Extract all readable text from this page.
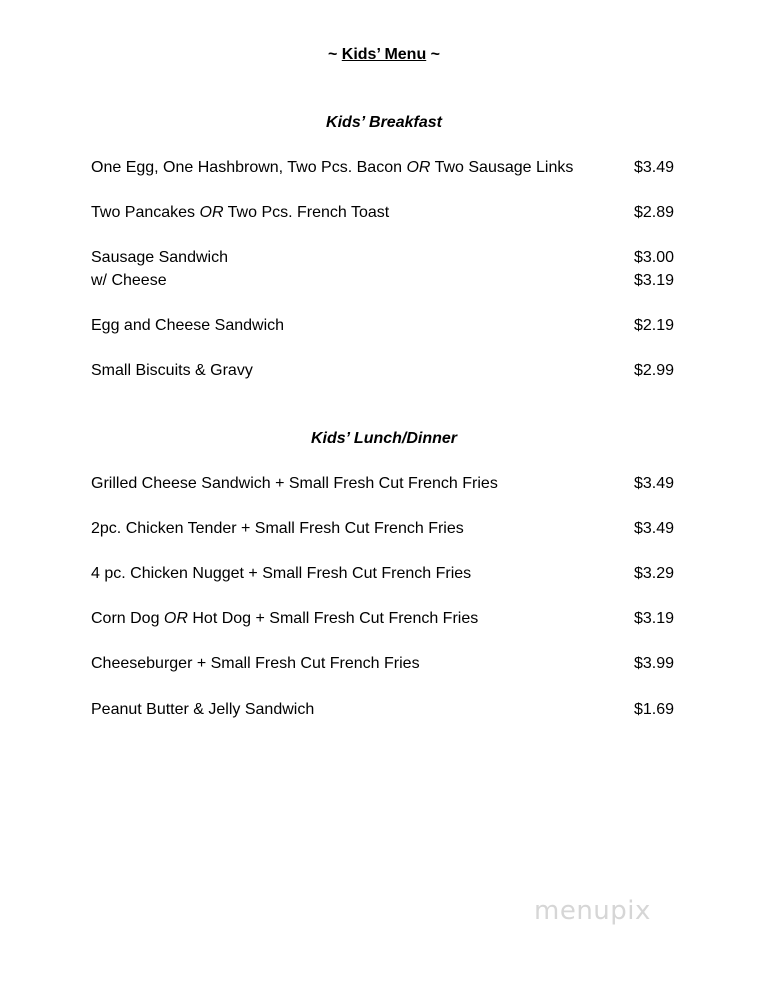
~ Kids’ Menu ~
Kids’ Breakfast
One Egg, One Hashbrown, Two Pcs. Bacon OR Two Sausage Links	$3.49
Two Pancakes OR Two Pcs. French Toast	$2.89
Sausage Sandwich	$3.00
w/ Cheese	$3.19
Egg and Cheese Sandwich	$2.19
Small Biscuits & Gravy	$2.99
Kids’ Lunch/Dinner
Grilled Cheese Sandwich + Small Fresh Cut French Fries	$3.49
2pc. Chicken Tender + Small Fresh Cut French Fries	$3.49
4 pc. Chicken Nugget + Small Fresh Cut French Fries	$3.29
Corn Dog OR Hot Dog + Small Fresh Cut French Fries	$3.19
Cheeseburger + Small Fresh Cut French Fries	$3.99
Peanut Butter & Jelly Sandwich	$1.69
menupix
